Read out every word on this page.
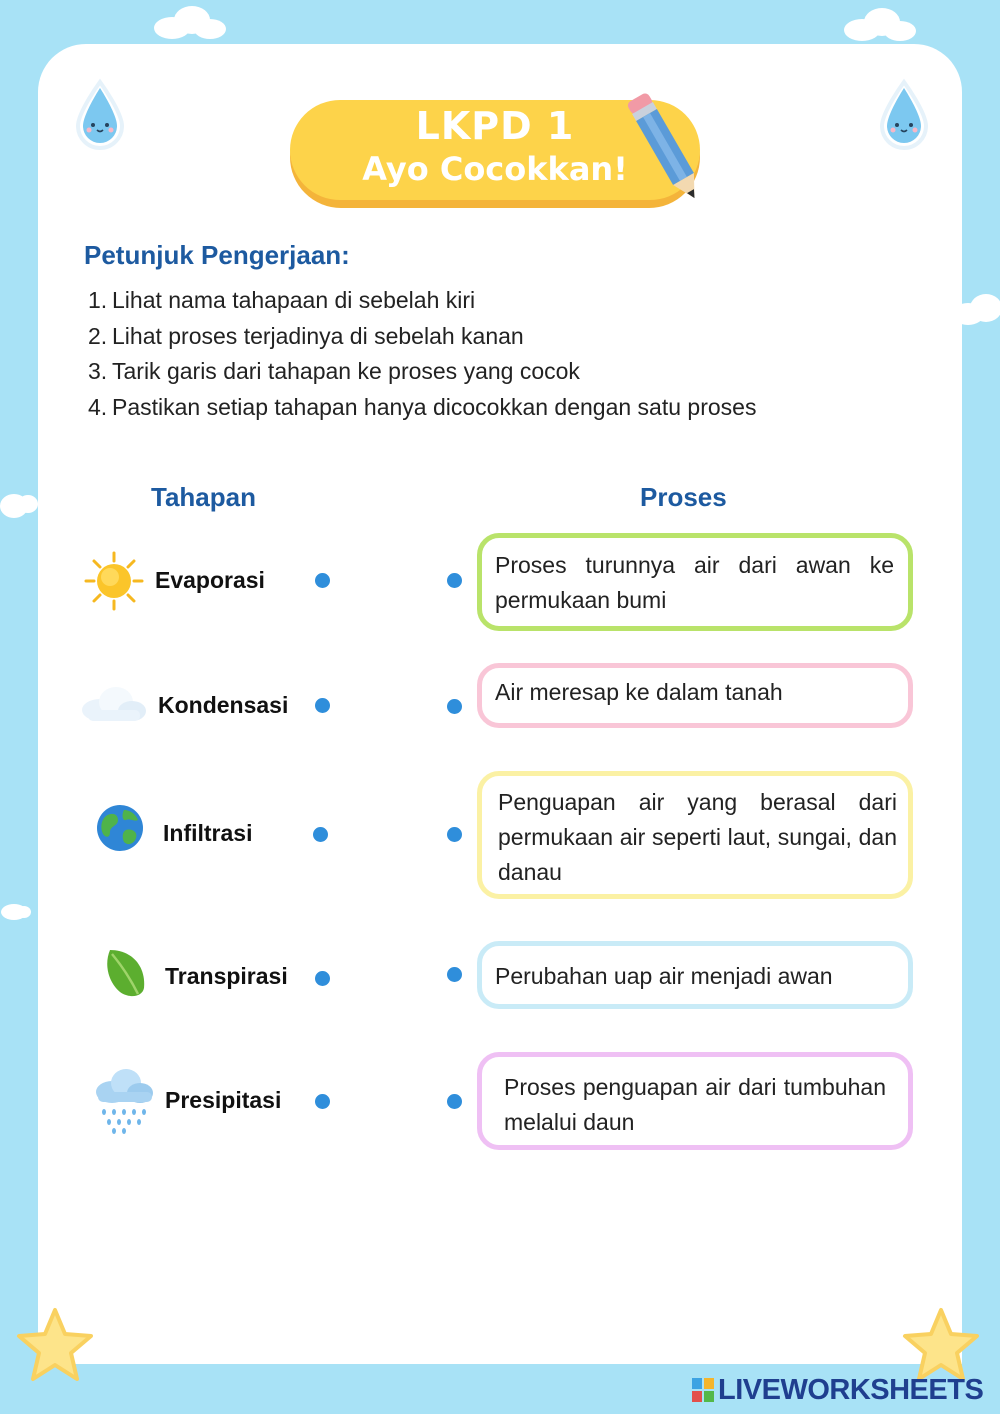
LKPD 1
Ayo Cocokkan!
Petunjuk Pengerjaan:
1. Lihat nama tahapaan di sebelah kiri
2. Lihat proses terjadinya di sebelah kanan
3. Tarik garis dari tahapan ke proses yang cocok
4. Pastikan setiap tahapan hanya dicocokkan dengan satu proses
Tahapan	Proses
Evaporasi
Kondensasi
Infiltrasi
Transpirasi
Presipitasi
Proses turunnya air dari awan ke permukaan bumi
Air meresap ke dalam tanah
Penguapan air yang berasal dari permukaan air seperti laut, sungai, dan danau
Perubahan uap air menjadi awan
Proses penguapan air dari tumbuhan melalui daun
LIVEWORKSHEETS
